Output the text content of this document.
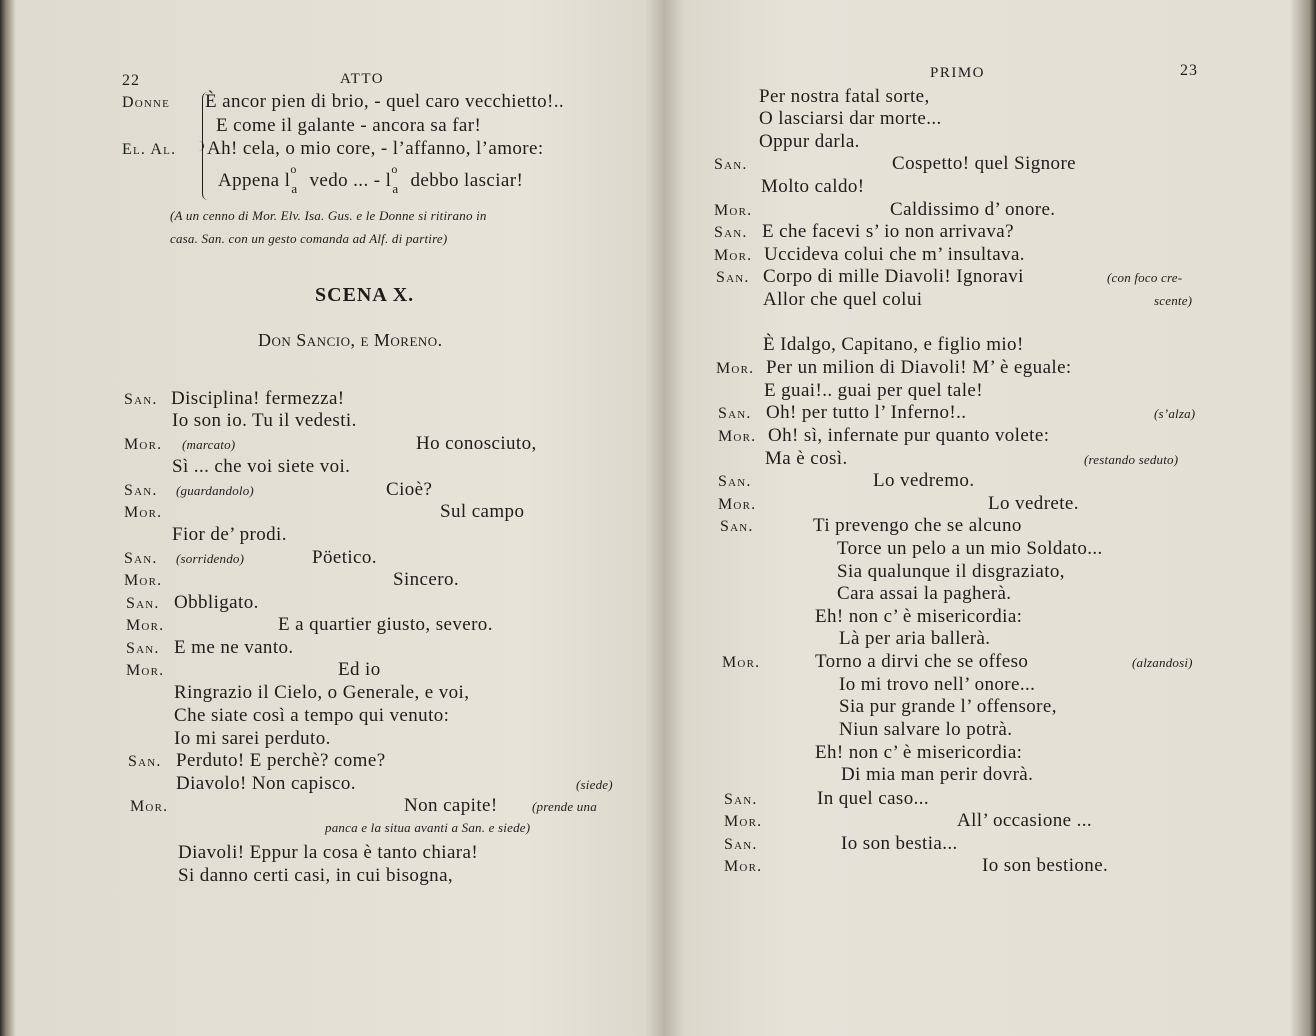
22	ATTO
Donne È ancor pien di brio, - quel caro vecchietto!..
E come il galante - ancora sa far!
El. Al. Ah! cela, o mio core, - l’affanno, l’amore:
Appena l
o
a vedo ... - l
o
a debbo lasciar!
(A un cenno di Mor. Elv. Isa. Gus. e le Donne si ritirano in
casa. San. con un gesto comanda ad Alf. di partire)
SCENA X.
Don Sancio, e Moreno.
San. Disciplina! fermezza!
Io son io. Tu il vedesti.
Mor. (marcato)	Ho conosciuto,
Sì ... che voi siete voi.
San. (guardandolo)	Cioè?
Mor.	Sul campo
Fior de’ prodi.
San. (sorridendo)	Pöetico.
Mor.	Sincero.
San. Obbligato.
Mor.	E a quartier giusto, severo.
San. E me ne vanto.
Mor.	Ed io
Ringrazio il Cielo, o Generale, e voi,
Che siate così a tempo qui venuto:
Io mi sarei perduto.
San. Perduto! E perchè? come?
(siede)
Diavolo! Non capisco.
Mor.	(prende una
Non capite!
panca e la situa avanti a San. e siede)
Diavoli! Eppur la cosa è tanto chiara!
Si danno certi casi, in cui bisogna,
PRIMO	23
Per nostra fatal sorte,
O lasciarsi dar morte...
Oppur darla.
San.	Cospetto! quel Signore
Molto caldo!
Mor.	Caldissimo d’ onore.
San. E che facevi s’ io non arrivava?
Mor. Uccideva colui che m’ insultava.
San.	(con foco cre-
Corpo di mille Diavoli! Ignoravi
scente)
Allor che quel colui
È Idalgo, Capitano, e figlio mio!
Mor. Per un milion di Diavoli! M’ è eguale:
E guai!.. guai per quel tale!
San.	(s’alza)
Oh! per tutto l’ Inferno!..
Mor. Oh! sì, infernate pur quanto volete:
(restando seduto)
Ma è così.
San.	Lo vedremo.
Mor.	Lo vedrete.
San.	Ti prevengo che se alcuno
Torce un pelo a un mio Soldato...
Sia qualunque il disgraziato,
Cara assai la pagherà.
Eh! non c’ è misericordia:
Là per aria ballerà.
Mor.	(alzandosi)
Torno a dirvi che se offeso
Io mi trovo nell’ onore...
Sia pur grande l’ offensore,
Niun salvare lo potrà.
Eh! non c’ è misericordia:
Di mia man perir dovrà.
San.	In quel caso...
Mor.	All’ occasione ...
San.	Io son bestia...
Mor.	Io son bestione.
